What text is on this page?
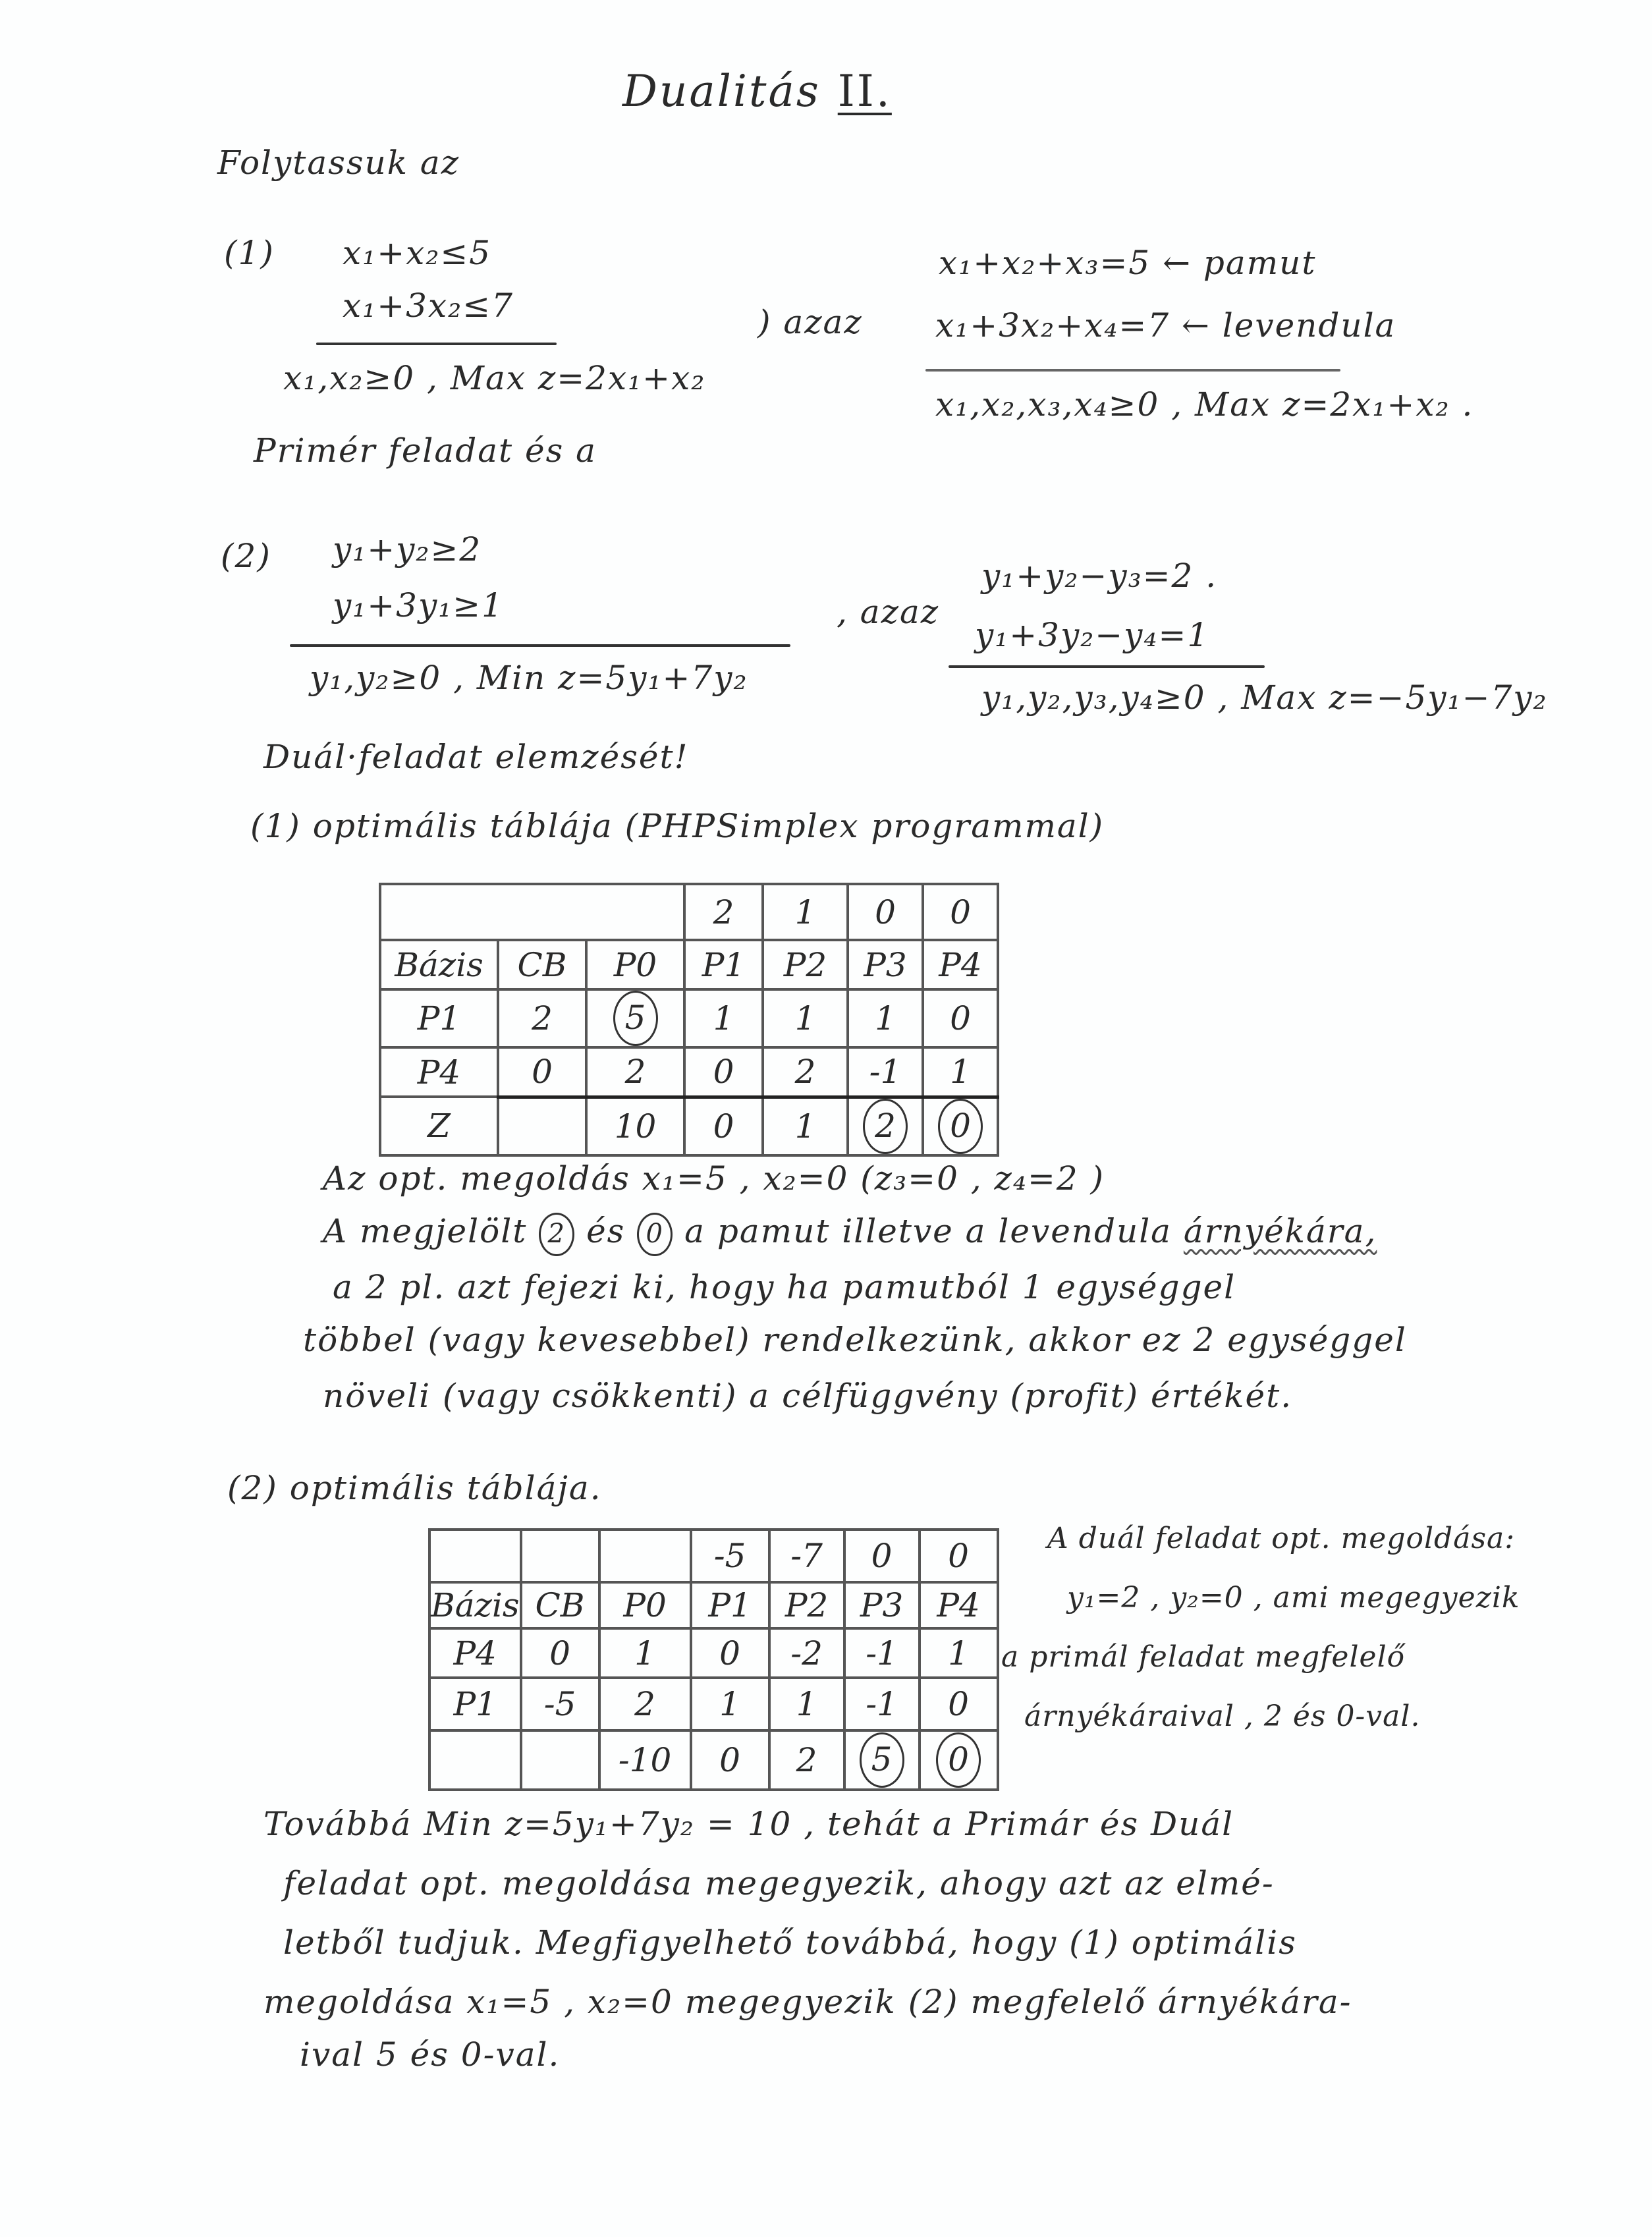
Dualitás II.
Folytassuk az
(1) x₁+x₂≤5
x₁+3x₂≤7
x₁,x₂≥0 , Max z=2x₁+x₂
) azaz
x₁+x₂+x₃=5 ← pamut
x₁+3x₂+x₄=7 ← levendula
x₁,x₂,x₃,x₄≥0 , Max z=2x₁+x₂ .
Primér feladat és a
(2) y₁+y₂≥2
y₁+3y₁≥1
y₁,y₂≥0 , Min z=5y₁+7y₂
, azaz
y₁+y₂−y₃=2 .
y₁+3y₂−y₄=1
y₁,y₂,y₃,y₄≥0 , Max z=−5y₁−7y₂
Duál·feladat elemzését!
(1) optimális táblája (PHPSimplex programmal)
			2	1	0	0
Bázis	CB	P0	P1	P2	P3	P4
P1	2	5	1	1	1	0
P4	0	2	0	2	-1	1
Z		10	0	1	2	0
Az opt. megoldás x₁=5 , x₂=0 (z₃=0 , z₄=2 )
A megjelölt 2 és 0 a pamut illetve a levendula árnyékára,
a 2 pl. azt fejezi ki, hogy ha pamutból 1 egységgel
többel (vagy kevesebbel) rendelkezünk, akkor ez 2 egységgel
növeli (vagy csökkenti) a célfüggvény (profit) értékét.
(2) optimális táblája.
			-5	-7	0	0
Bázis	CB	P0	P1	P2	P3	P4
P4	0	1	0	-2	-1	1
P1	-5	2	1	1	-1	0
		-10	0	2	5	0
A duál feladat opt. megoldása:
y₁=2 , y₂=0 , ami megegyezik
a primál feladat megfelelő
árnyékáraival , 2 és 0-val.
Továbbá Min z=5y₁+7y₂ = 10 , tehát a Primár és Duál
feladat opt. megoldása megegyezik, ahogy azt az elmé-
letből tudjuk. Megfigyelhető továbbá, hogy (1) optimális
megoldása x₁=5 , x₂=0 megegyezik (2) megfelelő árnyékára-
ival 5 és 0-val.
